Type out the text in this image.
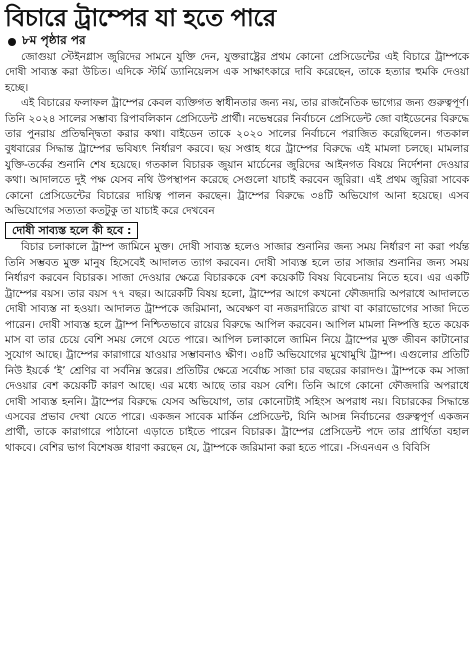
বিচারে ট্রাম্পের যা হতে পারে
৮ম পৃষ্ঠার পর

জোগুয়া স্টেইনগ্লাস জুরিদের সামনে যুক্তি দেন, যুক্তরাষ্ট্রের প্রথম কোনো প্রেসিডেন্টের এই বিচারে ট্রাম্পকে দোষী সাব্যস্ত করা উচিত। এদিকে স্টর্মি ড্যানিয়েলস এক সাক্ষাৎকারে দাবি করেছেন, তাকে হত্যার হুমকি দেওয়া হচ্ছে।

এই বিচারের ফলাফল ট্রাম্পের কেবল ব্যক্তিগত স্বাধীনতার জন্য নয়, তার রাজনৈতিক ভাগ্যের জন্য গুরুত্বপূর্ণ। তিনি ২০২৪ সালের সম্ভাব্য রিপাবলিকান প্রেসিডেন্ট প্রার্থী। নভেম্বরের নির্বাচনে প্রেসিডেন্ট জো বাইডেনের বিরুদ্ধে তার পুনরায় প্রতিদ্বন্দ্বিতা করার কথা। বাইডেন তাকে ২০২০ সালের নির্বাচনে পরাজিত করেছিলেন। গতকাল বুধবারের সিদ্ধান্ত ট্রাম্পের ভবিষ্যৎ নির্ধারণ করবে। ছয় সপ্তাহ ধরে ট্রাম্পের বিরুদ্ধে এই মামলা চলছে। মামলার যুক্তি-তর্কের শুনানি শেষ হয়েছে। গতকাল বিচারক জুয়ান মার্চেনের জুরিদের আইনগত বিষয়ে নির্দেশনা দেওয়ার কথা। আদালতে দুই পক্ষ যেসব নথি উপস্থাপন করেছে সেগুলো যাচাই করবেন জুরিরা। এই প্রথম জুরিরা সাবেক কোনো প্রেসিডেন্টের বিচারের দায়িত্ব পালন করছেন। ট্রাম্পের বিরুদ্ধে ৩৪টি অভিযোগ আনা হয়েছে। এসব অভিযোগের সত্যতা কতটুকু তা যাচাই করে দেখবেন

দোষী সাব্যস্ত হলে কী হবে :

বিচার চলাকালে ট্রাম্প জামিনে মুক্ত। দোষী সাব্যস্ত হলেও সাজার শুনানির জন্য সময় নির্ধারণ না করা পর্যন্ত তিনি সম্ভবত মুক্ত মানুষ হিসেবেই আদালত ত্যাগ করবেন। দোষী সাব্যস্ত হলে তার সাজার শুনানির জন্য সময় নির্ধারণ করবেন বিচারক। সাজা দেওয়ার ক্ষেত্রে বিচারককে বেশ কয়েকটি বিষয় বিবেচনায় নিতে হবে। এর একটি ট্রাম্পের বয়স। তার বয়স ৭৭ বছর। আরেকটি বিষয় হলো, ট্রাম্পের আগে কখনো ফৌজদারি অপরাধে আদালতে দোষী সাব্যস্ত না হওয়া। আদালত ট্রাম্পকে জরিমানা, অবেক্ষণ বা নজরদারিতে রাখা বা কারাভোগের সাজা দিতে পারেন। দোষী সাব্যস্ত হলে ট্রাম্প নিশ্চিতভাবে রায়ের বিরুদ্ধে আপিল করবেন। আপিল মামলা নিষ্পত্তি হতে কয়েক মাস বা তার চেয়ে বেশি সময় লেগে যেতে পারে। আপিল চলাকালে জামিন নিয়ে ট্রাম্পের মুক্ত জীবন কাটানোর সুযোগ আছে। ট্রাম্পের কারাগারে যাওয়ার সম্ভাবনাও ক্ষীণ। ৩৪টি অভিযোগের মুখোমুখি ট্রাম্প। এগুলোর প্রতিটি নিউ ইয়র্কে ‘ই’ শ্রেণির বা সর্বনিম্ন স্তরের। প্রতিটির ক্ষেত্রে সর্বোচ্চ সাজা চার বছরের কারাদণ্ড। ট্রাম্পকে কম সাজা দেওয়ার বেশ কয়েকটি কারণ আছে। এর মধ্যে আছে তার বয়স বেশি। তিনি আগে কোনো ফৌজদারি অপরাধে দোষী সাব্যস্ত হননি। ট্রাম্পের বিরুদ্ধে যেসব অভিযোগ, তার কোনোটাই সহিংস অপরাধ নয়। বিচারকের সিদ্ধান্তে এসবের প্রভাব দেখা যেতে পারে। একজন সাবেক মার্কিন প্রেসিডেন্ট, যিনি আসন্ন নির্বাচনের গুরুত্বপূর্ণ একজন প্রার্থী, তাকে কারাগারে পাঠানো এড়াতে চাইতে পারেন বিচারক। ট্রাম্পের প্রেসিডেন্ট পদে তার প্রার্থিতা বহাল থাকবে। বেশির ভাগ বিশেষজ্ঞ ধারণা করছেন যে, ট্রাম্পকে জরিমানা করা হতে পারে। -সিএনএন ও বিবিসি
